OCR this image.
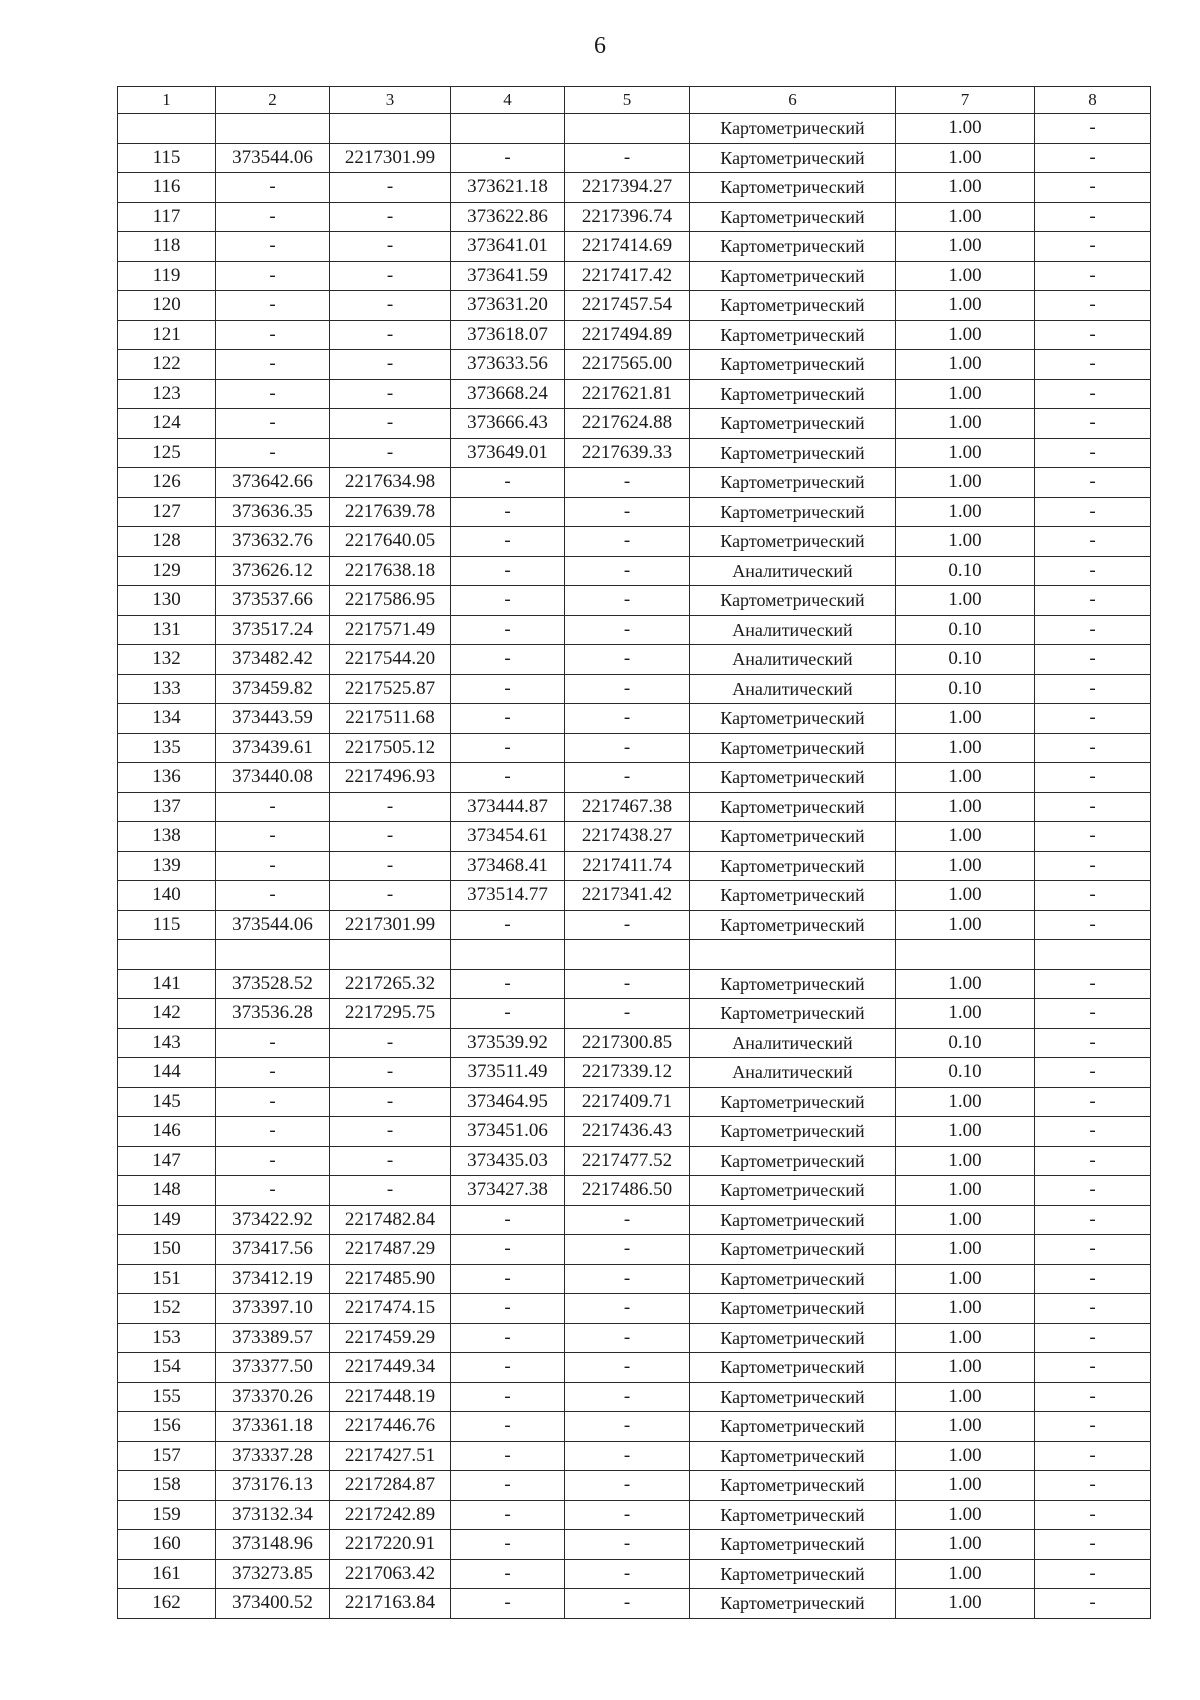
6
1	2	3	4	5	6	7	8
					Картометрический	1.00	-
115	373544.06	2217301.99	-	-	Картометрический	1.00	-
116	-	-	373621.18	2217394.27	Картометрический	1.00	-
117	-	-	373622.86	2217396.74	Картометрический	1.00	-
118	-	-	373641.01	2217414.69	Картометрический	1.00	-
119	-	-	373641.59	2217417.42	Картометрический	1.00	-
120	-	-	373631.20	2217457.54	Картометрический	1.00	-
121	-	-	373618.07	2217494.89	Картометрический	1.00	-
122	-	-	373633.56	2217565.00	Картометрический	1.00	-
123	-	-	373668.24	2217621.81	Картометрический	1.00	-
124	-	-	373666.43	2217624.88	Картометрический	1.00	-
125	-	-	373649.01	2217639.33	Картометрический	1.00	-
126	373642.66	2217634.98	-	-	Картометрический	1.00	-
127	373636.35	2217639.78	-	-	Картометрический	1.00	-
128	373632.76	2217640.05	-	-	Картометрический	1.00	-
129	373626.12	2217638.18	-	-	Аналитический	0.10	-
130	373537.66	2217586.95	-	-	Картометрический	1.00	-
131	373517.24	2217571.49	-	-	Аналитический	0.10	-
132	373482.42	2217544.20	-	-	Аналитический	0.10	-
133	373459.82	2217525.87	-	-	Аналитический	0.10	-
134	373443.59	2217511.68	-	-	Картометрический	1.00	-
135	373439.61	2217505.12	-	-	Картометрический	1.00	-
136	373440.08	2217496.93	-	-	Картометрический	1.00	-
137	-	-	373444.87	2217467.38	Картометрический	1.00	-
138	-	-	373454.61	2217438.27	Картометрический	1.00	-
139	-	-	373468.41	2217411.74	Картометрический	1.00	-
140	-	-	373514.77	2217341.42	Картометрический	1.00	-
115	373544.06	2217301.99	-	-	Картометрический	1.00	-

141	373528.52	2217265.32	-	-	Картометрический	1.00	-
142	373536.28	2217295.75	-	-	Картометрический	1.00	-
143	-	-	373539.92	2217300.85	Аналитический	0.10	-
144	-	-	373511.49	2217339.12	Аналитический	0.10	-
145	-	-	373464.95	2217409.71	Картометрический	1.00	-
146	-	-	373451.06	2217436.43	Картометрический	1.00	-
147	-	-	373435.03	2217477.52	Картометрический	1.00	-
148	-	-	373427.38	2217486.50	Картометрический	1.00	-
149	373422.92	2217482.84	-	-	Картометрический	1.00	-
150	373417.56	2217487.29	-	-	Картометрический	1.00	-
151	373412.19	2217485.90	-	-	Картометрический	1.00	-
152	373397.10	2217474.15	-	-	Картометрический	1.00	-
153	373389.57	2217459.29	-	-	Картометрический	1.00	-
154	373377.50	2217449.34	-	-	Картометрический	1.00	-
155	373370.26	2217448.19	-	-	Картометрический	1.00	-
156	373361.18	2217446.76	-	-	Картометрический	1.00	-
157	373337.28	2217427.51	-	-	Картометрический	1.00	-
158	373176.13	2217284.87	-	-	Картометрический	1.00	-
159	373132.34	2217242.89	-	-	Картометрический	1.00	-
160	373148.96	2217220.91	-	-	Картометрический	1.00	-
161	373273.85	2217063.42	-	-	Картометрический	1.00	-
162	373400.52	2217163.84	-	-	Картометрический	1.00	-
